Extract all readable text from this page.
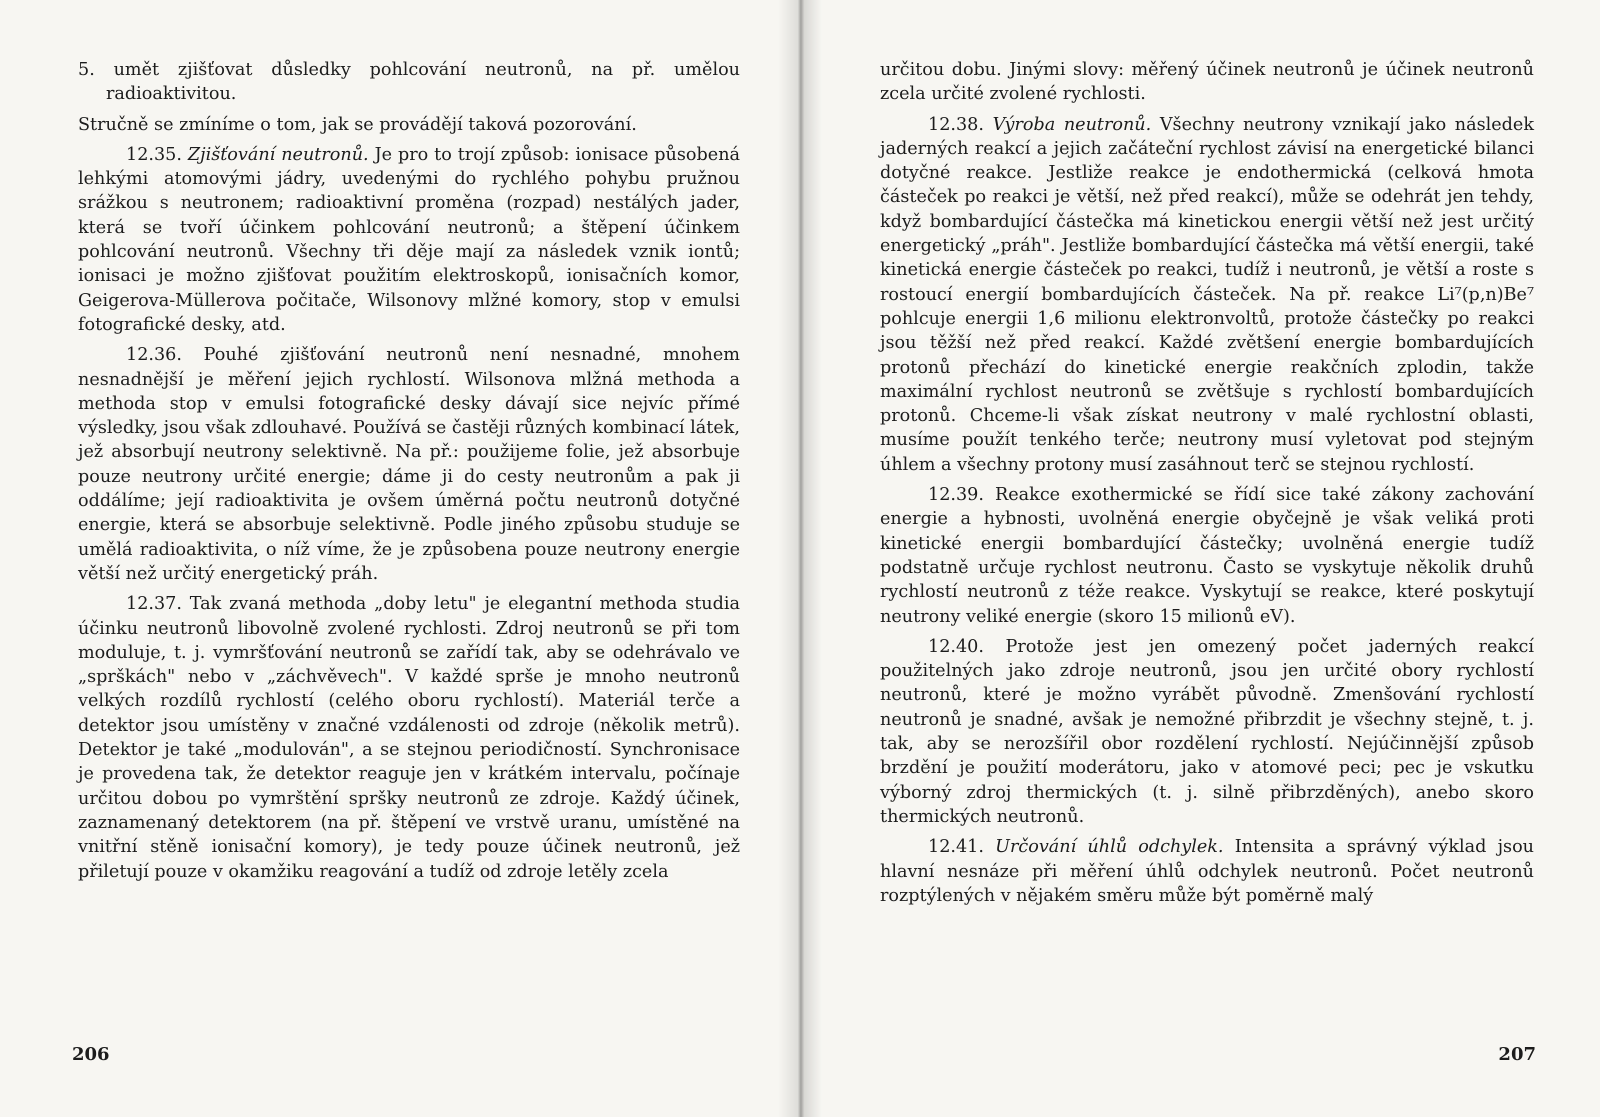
5. umět zjišťovat důsledky pohlcování neutronů, na př. umělou radioaktivitou.

Stručně se zmíníme o tom, jak se provádějí taková pozorování.

12.35. Zjišťování neutronů. Je pro to trojí způsob: ionisace působená lehkými atomovými jádry, uvedenými do rychlého pohybu pružnou srážkou s neutronem; radioaktivní proměna (rozpad) nestálých jader, která se tvoří účinkem pohlcování neutronů; a štěpení účinkem pohlcování neutronů. Všechny tři děje mají za následek vznik iontů; ionisaci je možno zjišťovat použitím elektroskopů, ionisačních komor, Geigerova-Müllerova počitače, Wilsonovy mlžné komory, stop v emulsi fotografické desky, atd.

12.36. Pouhé zjišťování neutronů není nesnadné, mnohem nesnadnější je měření jejich rychlostí. Wilsonova mlžná methoda a methoda stop v emulsi fotografické desky dávají sice nejvíc přímé výsledky, jsou však zdlouhavé. Používá se častěji různých kombinací látek, jež absorbují neutrony selektivně. Na př.: použijeme folie, jež absorbuje pouze neutrony určité energie; dáme ji do cesty neutronům a pak ji oddálíme; její radioaktivita je ovšem úměrná počtu neutronů dotyčné energie, která se absorbuje selektivně. Podle jiného způsobu studuje se umělá radioaktivita, o níž víme, že je způsobena pouze neutrony energie větší než určitý energetický práh.

12.37. Tak zvaná methoda „doby letu" je elegantní methoda studia účinku neutronů libovolně zvolené rychlosti. Zdroj neutronů se při tom moduluje, t. j. vymršťování neutronů se zařídí tak, aby se odehrávalo ve „sprškách" nebo v „záchvěvech". V každé sprše je mnoho neutronů velkých rozdílů rychlostí (celého oboru rychlostí). Materiál terče a detektor jsou umístěny v značné vzdálenosti od zdroje (několik metrů). Detektor je také „modulován", a se stejnou periodičností. Synchronisace je provedena tak, že detektor reaguje jen v krátkém intervalu, počínaje určitou dobou po vymrštění spršky neutronů ze zdroje. Každý účinek, zaznamenaný detektorem (na př. štěpení ve vrstvě uranu, umístěné na vnitřní stěně ionisační komory), je tedy pouze účinek neutronů, jež přiletují pouze v okamžiku reagování a tudíž od zdroje letěly zcela

206

určitou dobu. Jinými slovy: měřený účinek neutronů je účinek neutronů zcela určité zvolené rychlosti.

12.38. Výroba neutronů. Všechny neutrony vznikají jako následek jaderných reakcí a jejich začáteční rychlost závisí na energetické bilanci dotyčné reakce. Jestliže reakce je endothermická (celková hmota částeček po reakci je větší, než před reakcí), může se odehrát jen tehdy, když bombardující částečka má kinetickou energii větší než jest určitý energetický „práh". Jestliže bombardující částečka má větší energii, také kinetická energie částeček po reakci, tudíž i neutronů, je větší a roste s rostoucí energií bombardujících částeček. Na př. reakce Li⁷(p,n)Be⁷ pohlcuje energii 1,6 milionu elektronvoltů, protože částečky po reakci jsou těžší než před reakcí. Každé zvětšení energie bombardujících protonů přechází do kinetické energie reakčních zplodin, takže maximální rychlost neutronů se zvětšuje s rychlostí bombardujících protonů. Chceme-li však získat neutrony v malé rychlostní oblasti, musíme použít tenkého terče; neutrony musí vyletovat pod stejným úhlem a všechny protony musí zasáhnout terč se stejnou rychlostí.

12.39. Reakce exothermické se řídí sice také zákony zachování energie a hybnosti, uvolněná energie obyčejně je však veliká proti kinetické energii bombardující částečky; uvolněná energie tudíž podstatně určuje rychlost neutronu. Často se vyskytuje několik druhů rychlostí neutronů z téže reakce. Vyskytují se reakce, které poskytují neutrony veliké energie (skoro 15 milionů eV).

12.40. Protože jest jen omezený počet jaderných reakcí použitelných jako zdroje neutronů, jsou jen určité obory rychlostí neutronů, které je možno vyrábět původně. Zmenšování rychlostí neutronů je snadné, avšak je nemožné přibrzdit je všechny stejně, t. j. tak, aby se nerozšířil obor rozdělení rychlostí. Nejúčinnější způsob brzdění je použití moderátoru, jako v atomové peci; pec je vskutku výborný zdroj thermických (t. j. silně přibrzděných), anebo skoro thermických neutronů.

12.41. Určování úhlů odchylek. Intensita a správný výklad jsou hlavní nesnáze při měření úhlů odchylek neutronů. Počet neutronů rozptýlených v nějakém směru může být poměrně malý

207
